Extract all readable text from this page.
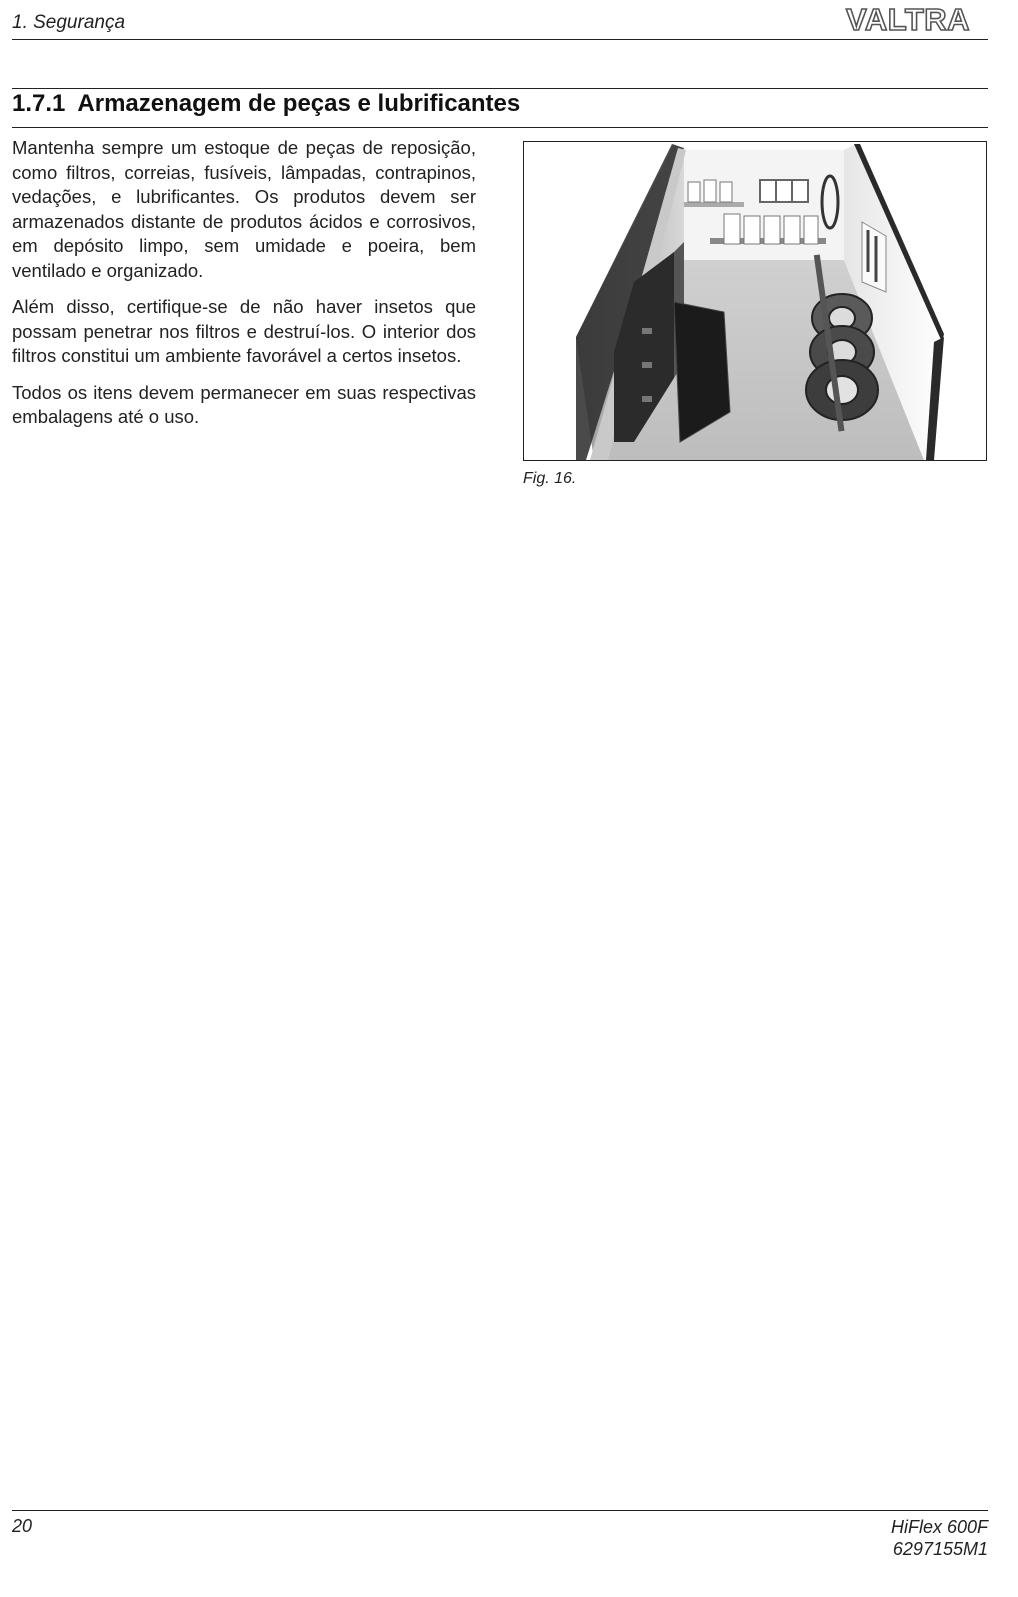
1. Segurança	VALTRA
1.7.1 Armazenagem de peças e lubrificantes

Mantenha sempre um estoque de peças de reposição, como filtros, correias, fusíveis, lâmpadas, contrapinos, vedações, e lubrificantes. Os produtos devem ser armazenados distante de produtos ácidos e corrosivos, em depósito limpo, sem umidade e poeira, bem ventilado e organizado.

Além disso, certifique-se de não haver insetos que possam penetrar nos filtros e destruí-los. O interior dos filtros constitui um ambiente favorável a certos insetos.

Todos os itens devem permanecer em suas respectivas embalagens até o uso.

Fig. 16.
20	HiFlex 600F
6297155M1
